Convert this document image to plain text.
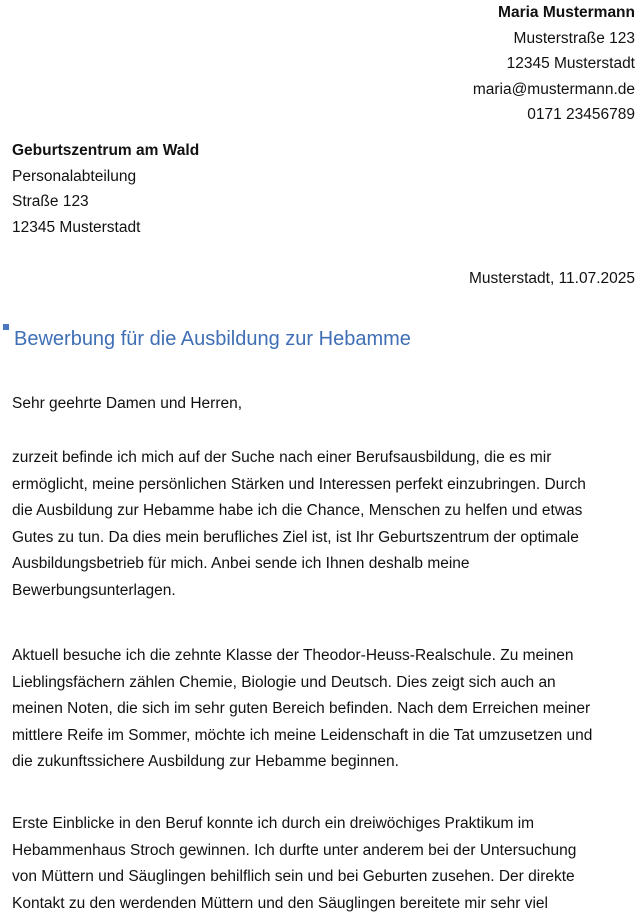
Maria Mustermann
Musterstraße 123
12345 Musterstadt
maria@mustermann.de
0171 23456789
Geburtszentrum am Wald
Personalabteilung
Straße 123
12345 Musterstadt
Musterstadt, 11.07.2025
Bewerbung für die Ausbildung zur Hebamme
Sehr geehrte Damen und Herren,
zurzeit befinde ich mich auf der Suche nach einer Berufsausbildung, die es mir
ermöglicht, meine persönlichen Stärken und Interessen perfekt einzubringen. Durch
die Ausbildung zur Hebamme habe ich die Chance, Menschen zu helfen und etwas
Gutes zu tun. Da dies mein berufliches Ziel ist, ist Ihr Geburtszentrum der optimale
Ausbildungsbetrieb für mich. Anbei sende ich Ihnen deshalb meine
Bewerbungsunterlagen.
Aktuell besuche ich die zehnte Klasse der Theodor-Heuss-Realschule. Zu meinen
Lieblingsfächern zählen Chemie, Biologie und Deutsch. Dies zeigt sich auch an
meinen Noten, die sich im sehr guten Bereich befinden. Nach dem Erreichen meiner
mittlere Reife im Sommer, möchte ich meine Leidenschaft in die Tat umzusetzen und
die zukunftssichere Ausbildung zur Hebamme beginnen.
Erste Einblicke in den Beruf konnte ich durch ein dreiwöchiges Praktikum im
Hebammenhaus Stroch gewinnen. Ich durfte unter anderem bei der Untersuchung
von Müttern und Säuglingen behilflich sein und bei Geburten zusehen. Der direkte
Kontakt zu den werdenden Müttern und den Säuglingen bereitete mir sehr viel
